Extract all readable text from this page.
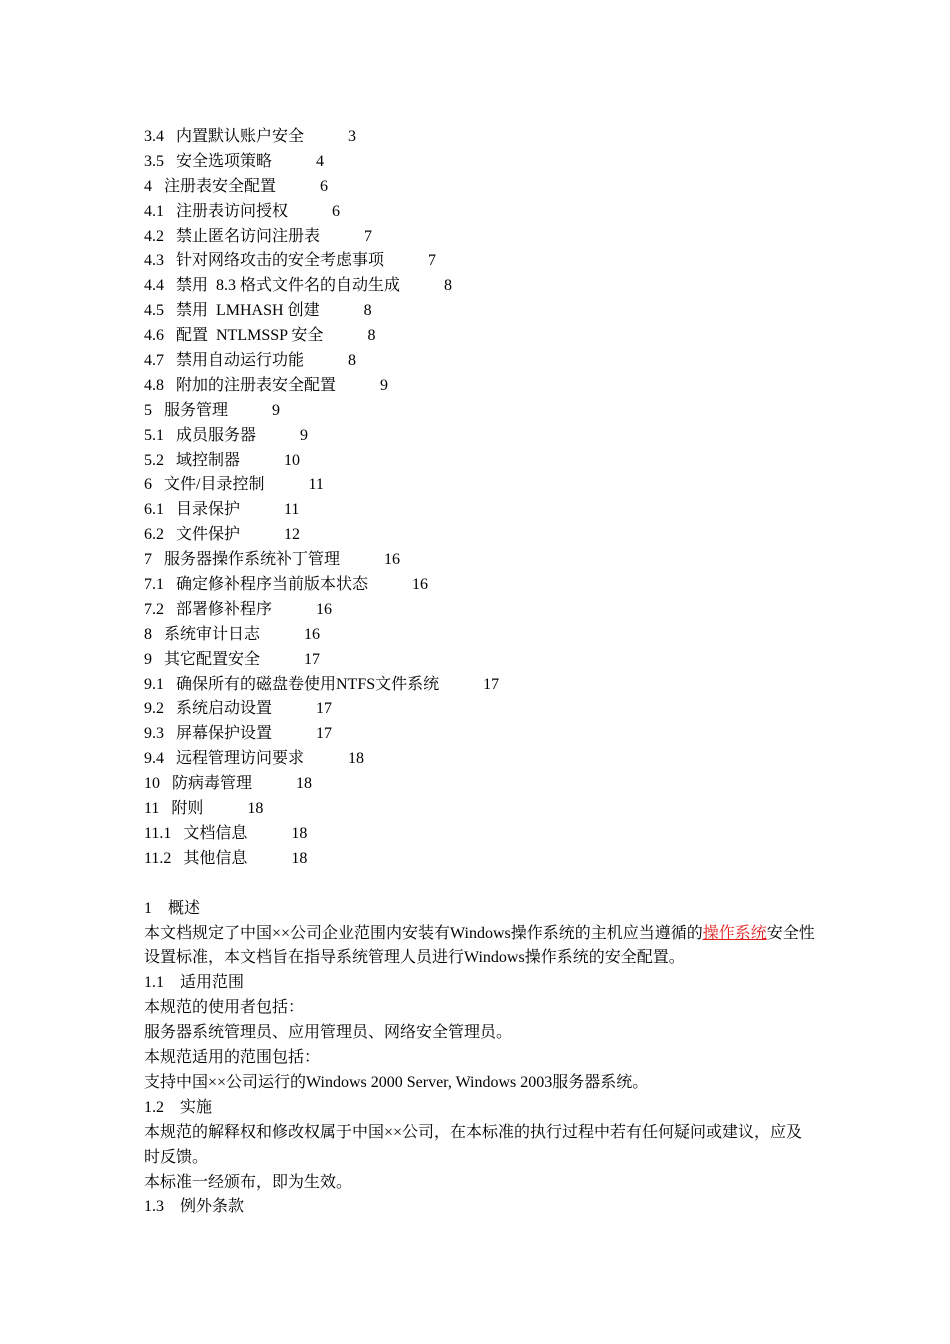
3.4 内置默认账户安全	3
3.5 安全选项策略	4
4 注册表安全配置	6
4.1 注册表访问授权	6
4.2 禁止匿名访问注册表	7
4.3 针对网络攻击的安全考虑事项	7
4.4 禁用  8.3 格式文件名的自动生成	8
4.5 禁用  LMHASH 创建	8
4.6 配置  NTLMSSP 安全	8
4.7 禁用自动运行功能	8
4.8 附加的注册表安全配置	9
5 服务管理	9
5.1 成员服务器	9
5.2 域控制器	10
6 文件/目录控制	11
6.1 目录保护	11
6.2 文件保护	12
7 服务器操作系统补丁管理	16
7.1 确定修补程序当前版本状态	16
7.2 部署修补程序	16
8 系统审计日志	16
9 其它配置安全	17
9.1 确保所有的磁盘卷使用NTFS文件系统	17
9.2 系统启动设置	17
9.3 屏幕保护设置	17
9.4 远程管理访问要求	18
10 防病毒管理	18
11 附则	18
11.1 文档信息	18
11.2 其他信息	18
1    概述
本文档规定了中国××公司企业范围内安装有Windows操作系统的主机应当遵循的操作系统安全性设置标准，本文档旨在指导系统管理人员进行Windows操作系统的安全配置。
1.1    适用范围
本规范的使用者包括：
服务器系统管理员、应用管理员、网络安全管理员。
本规范适用的范围包括：
支持中国××公司运行的Windows 2000 Server, Windows 2003服务器系统。
1.2    实施
本规范的解释权和修改权属于中国××公司，在本标准的执行过程中若有任何疑问或建议，应及时反馈。
本标准一经颁布，即为生效。
1.3    例外条款
